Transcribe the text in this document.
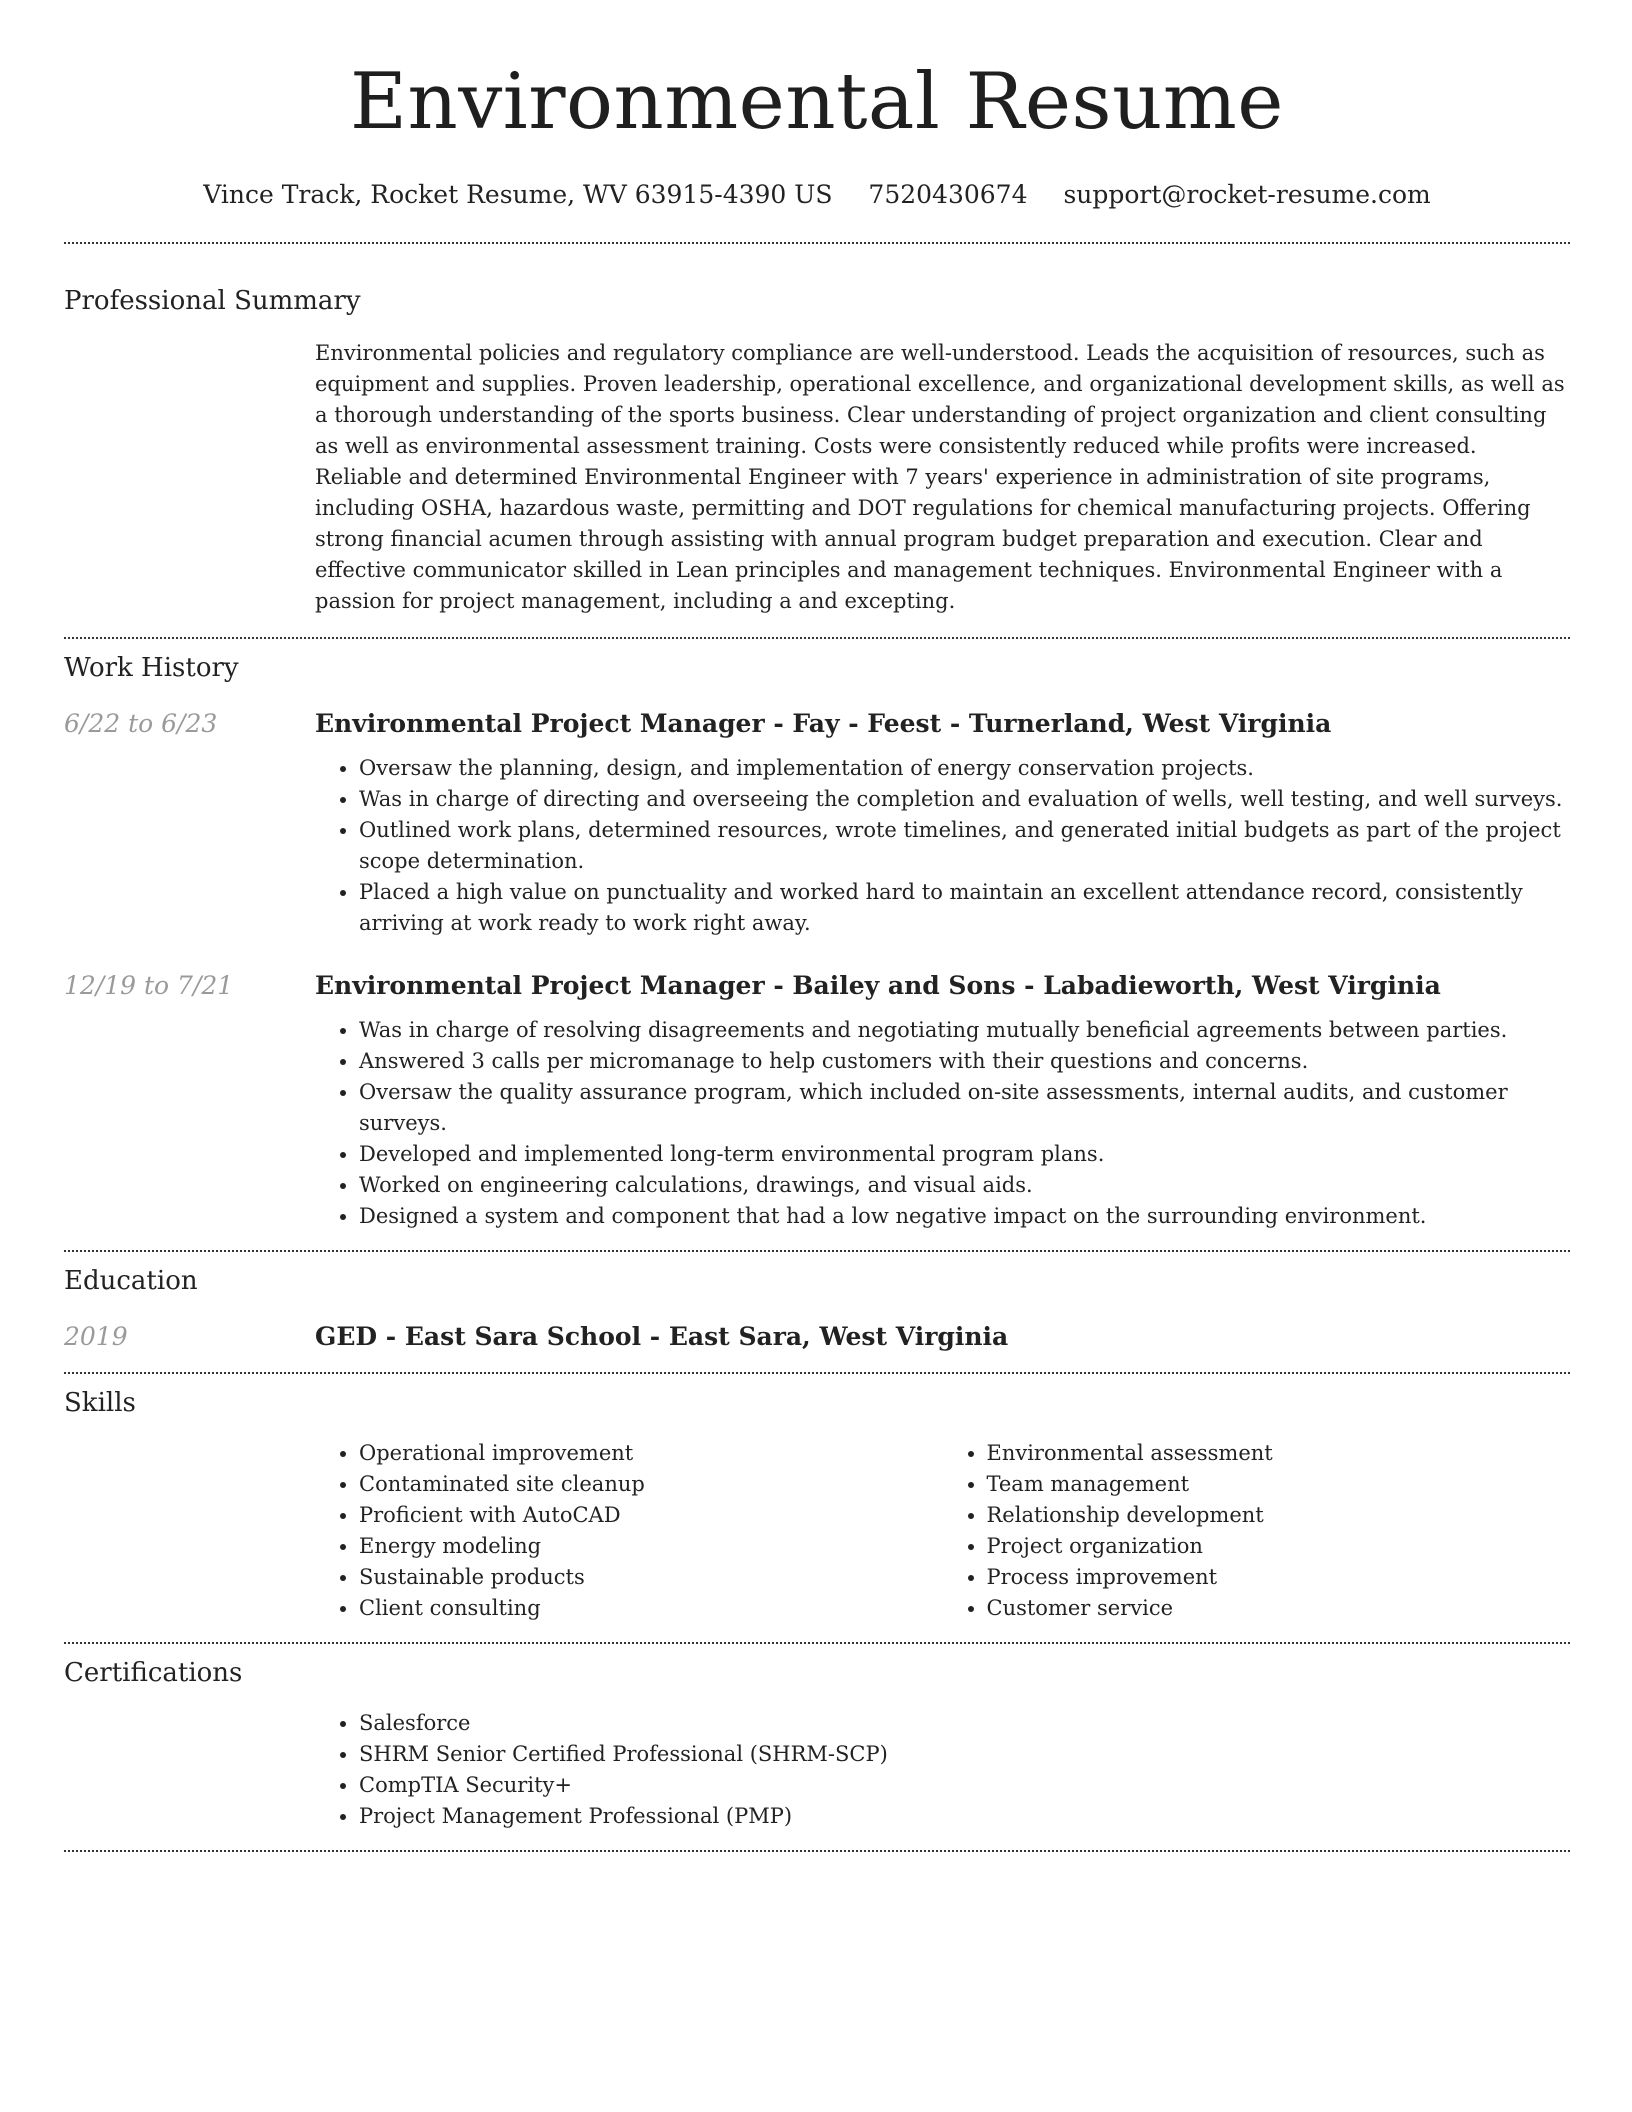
Environmental Resume
Vince Track, Rocket Resume, WV 63915-4390 US 7520430674 support@rocket-resume.com
Professional Summary

Environmental policies and regulatory compliance are well-understood. Leads the acquisition of resources, such as equipment and supplies. Proven leadership, operational excellence, and organizational development skills, as well as a thorough understanding of the sports business. Clear understanding of project organization and client consulting as well as environmental assessment training. Costs were consistently reduced while profits were increased. Reliable and determined Environmental Engineer with 7 years' experience in administration of site programs, including OSHA, hazardous waste, permitting and DOT regulations for chemical manufacturing projects. Offering strong financial acumen through assisting with annual program budget preparation and execution. Clear and effective communicator skilled in Lean principles and management techniques. Environmental Engineer with a passion for project management, including a and excepting.

Work History
6/22 to 6/23	Environmental Project Manager - Fay - Feest - Turnerland, West Virginia
• Oversaw the planning, design, and implementation of energy conservation projects.
• Was in charge of directing and overseeing the completion and evaluation of wells, well testing, and well surveys.
• Outlined work plans, determined resources, wrote timelines, and generated initial budgets as part of the project scope determination.
• Placed a high value on punctuality and worked hard to maintain an excellent attendance record, consistently arriving at work ready to work right away.
12/19 to 7/21	Environmental Project Manager - Bailey and Sons - Labadieworth, West Virginia
• Was in charge of resolving disagreements and negotiating mutually beneficial agreements between parties.
• Answered 3 calls per micromanage to help customers with their questions and concerns.
• Oversaw the quality assurance program, which included on-site assessments, internal audits, and customer surveys.
• Developed and implemented long-term environmental program plans.
• Worked on engineering calculations, drawings, and visual aids.
• Designed a system and component that had a low negative impact on the surrounding environment.
Education
2019	GED - East Sara School - East Sara, West Virginia
Skills
• Operational improvement
• Contaminated site cleanup
• Proficient with AutoCAD
• Energy modeling
• Sustainable products
• Client consulting
• Environmental assessment
• Team management
• Relationship development
• Project organization
• Process improvement
• Customer service
Certifications
• Salesforce
• SHRM Senior Certified Professional (SHRM-SCP)
• CompTIA Security+
• Project Management Professional (PMP)
